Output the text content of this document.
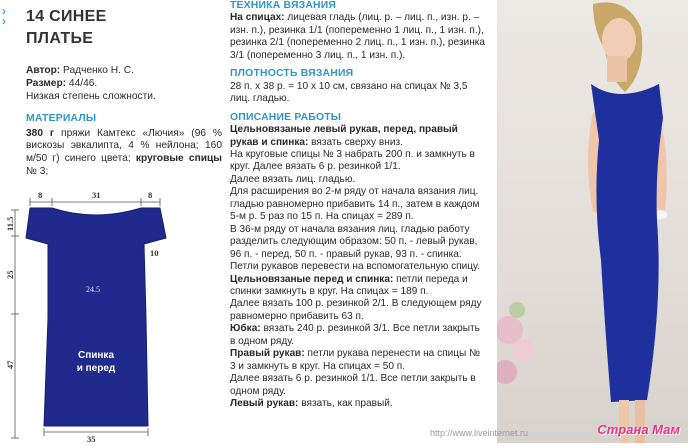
›
› 14 СИНЕЕ
ПЛАТЬЕ
Автор: Радченко Н. С.
Размер: 44/46.
Низкая степень сложности.
МАТЕРИАЛЫ
380 г пряжи Камтекс «Лючия» (96 % вискозы эвкалипта, 4 % нейлона; 160 м/50 г) синего цвета; круговые спицы № 3;
8	31	8
11.5
10
25
47
35
24.5
Спинка
и перед
ТЕХНИКА ВЯЗАНИЯ

На спицах: лицевая гладь (лиц. р. – лиц. п., изн. р. – изн. п.), резинка 1/1 (попеременно 1 лиц. п., 1 изн. п.), резинка 2/1 (попеременно 2 лиц. п., 1 изн. п.), резинка 3/1 (попеременно 3 лиц. п., 1 изн. п.).

ПЛОТНОСТЬ ВЯЗАНИЯ

28 п. х 38 р. = 10 х 10 см, связано на спицах № 3,5 лиц. гладью.

ОПИСАНИЕ РАБОТЫ

Цельновязаные левый рукав, перед, правый рукав и спинка: вязать сверху вниз.

На круговые спицы № 3 набрать 200 п. и замкнуть в круг. Далее вязать 6 р. резинкой 1/1.

Далее вязать лиц. гладью.

Для расширения во 2-м ряду от начала вязания лиц. гладью равномерно прибавить 14 п., затем в каждом 5-м р. 5 раз по 15 п. На спицах = 289 п.

В 36-м ряду от начала вязания лиц. гладью работу разделить следующим образом: 50 п. - левый рукав, 96 п. - перед, 50 п. - правый рукав, 93 п. - спинка. Петли рукавов перевести на вспомогательную спицу.

Цельновязаные перед и спинка: петли переда и спинки замкнуть в круг. На спицах = 189 п.

Далее вязать 100 р. резинкой 2/1. В следующем ряду равномерно прибавить 63 п.

Юбка: вязать 240 р. резинкой 3/1. Все петли закрыть в одном ряду.

Правый рукав: петли рукава перенести на спицы № 3 и замкнуть в круг. На спицах = 50 п.

Далее вязать 6 р. резинкой 1/1. Все петли закрыть в одном ряду.

Левый рукав: вязать, как правый.

http://www.liveinternet.ru	Страна Мам
